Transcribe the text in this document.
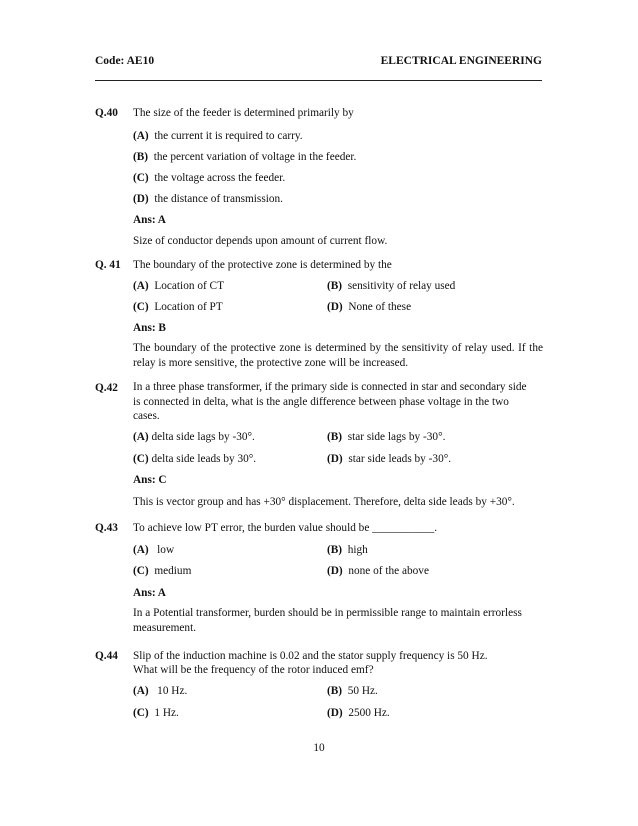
Code: AE10	ELECTRICAL ENGINEERING
Q.40 The size of the feeder is determined primarily by
(A) the current it is required to carry.
(B) the percent variation of voltage in the feeder.
(C) the voltage across the feeder.
(D) the distance of transmission.
Ans: A
Size of conductor depends upon amount of current flow.
Q. 41 The boundary of the protective zone is determined by the
(A) Location of CT	(B) sensitivity of relay used
(C) Location of PT	(D) None of these
Ans: B
The boundary of the protective zone is determined by the sensitivity of relay used. If the relay is more sensitive, the protective zone will be increased.
Q.42 In a three phase transformer, if the primary side is connected in star and secondary side is connected in delta, what is the angle difference between phase voltage in the two cases.
(A) delta side lags by -30°.	(B) star side lags by -30°.
(C) delta side leads by 30°.	(D) star side leads by -30°.
Ans: C
This is vector group and has +30° displacement. Therefore, delta side leads by +30°.
Q.43 To achieve low PT error, the burden value should be ___________.
(A) low	(B) high
(C) medium	(D) none of the above
Ans: A
In a Potential transformer, burden should be in permissible range to maintain errorless measurement.
Q.44 Slip of the induction machine is 0.02 and the stator supply frequency is 50 Hz.
What will be the frequency of the rotor induced emf?
(A) 10 Hz.	(B) 50 Hz.
(C) 1 Hz.	(D) 2500 Hz.
10
